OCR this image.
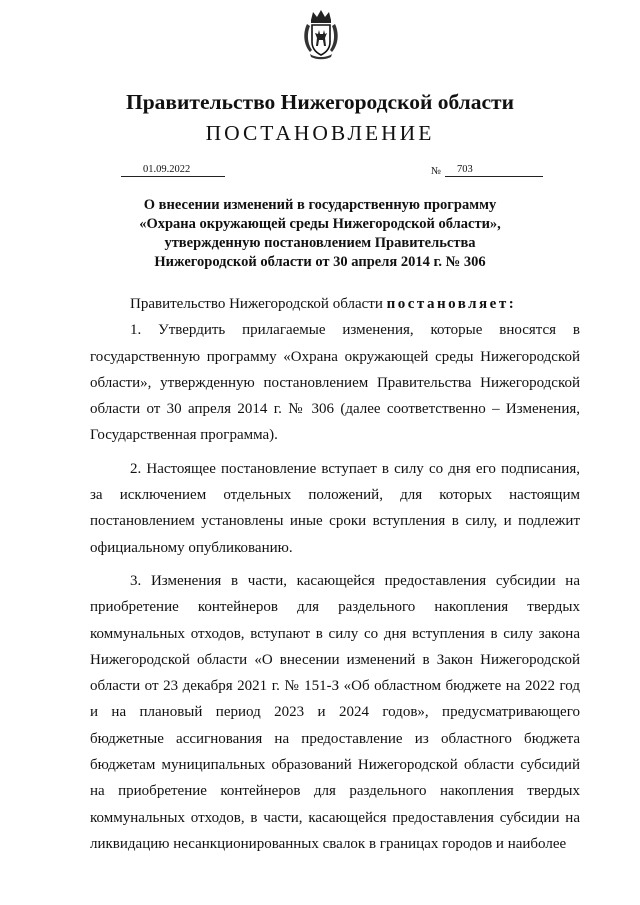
Правительство Нижегородской области
ПОСТАНОВЛЕНИЕ
01.09.2022	№	703
О внесении изменений в государственную программу
«Охрана окружающей среды Нижегородской области»,
утвержденную постановлением Правительства
Нижегородской области от 30 апреля 2014 г. № 306

Правительство Нижегородской области постановляет:

1. Утвердить прилагаемые изменения, которые вносятся в государственную программу «Охрана окружающей среды Нижегородской области», утвержденную постановлением Правительства Нижегородской области от 30 апреля 2014 г. № 306 (далее соответственно – Изменения, Государственная программа).

2. Настоящее постановление вступает в силу со дня его подписания, за исключением отдельных положений, для которых настоящим постановлением установлены иные сроки вступления в силу, и подлежит официальному опубликованию.

3. Изменения в части, касающейся предоставления субсидии на приобретение контейнеров для раздельного накопления твердых коммунальных отходов, вступают в силу со дня вступления в силу закона Нижегородской области «О внесении изменений в Закон Нижегородской области от 23 декабря 2021 г. № 151-З «Об областном бюджете на 2022 год и на плановый период 2023 и 2024 годов», предусматривающего бюджетные ассигнования на предоставление из областного бюджета бюджетам муниципальных образований Нижегородской области субсидий на приобретение контейнеров для раздельного накопления твердых коммунальных отходов, в части, касающейся предоставления субсидии на ликвидацию несанкционированных свалок в границах городов и наиболее
